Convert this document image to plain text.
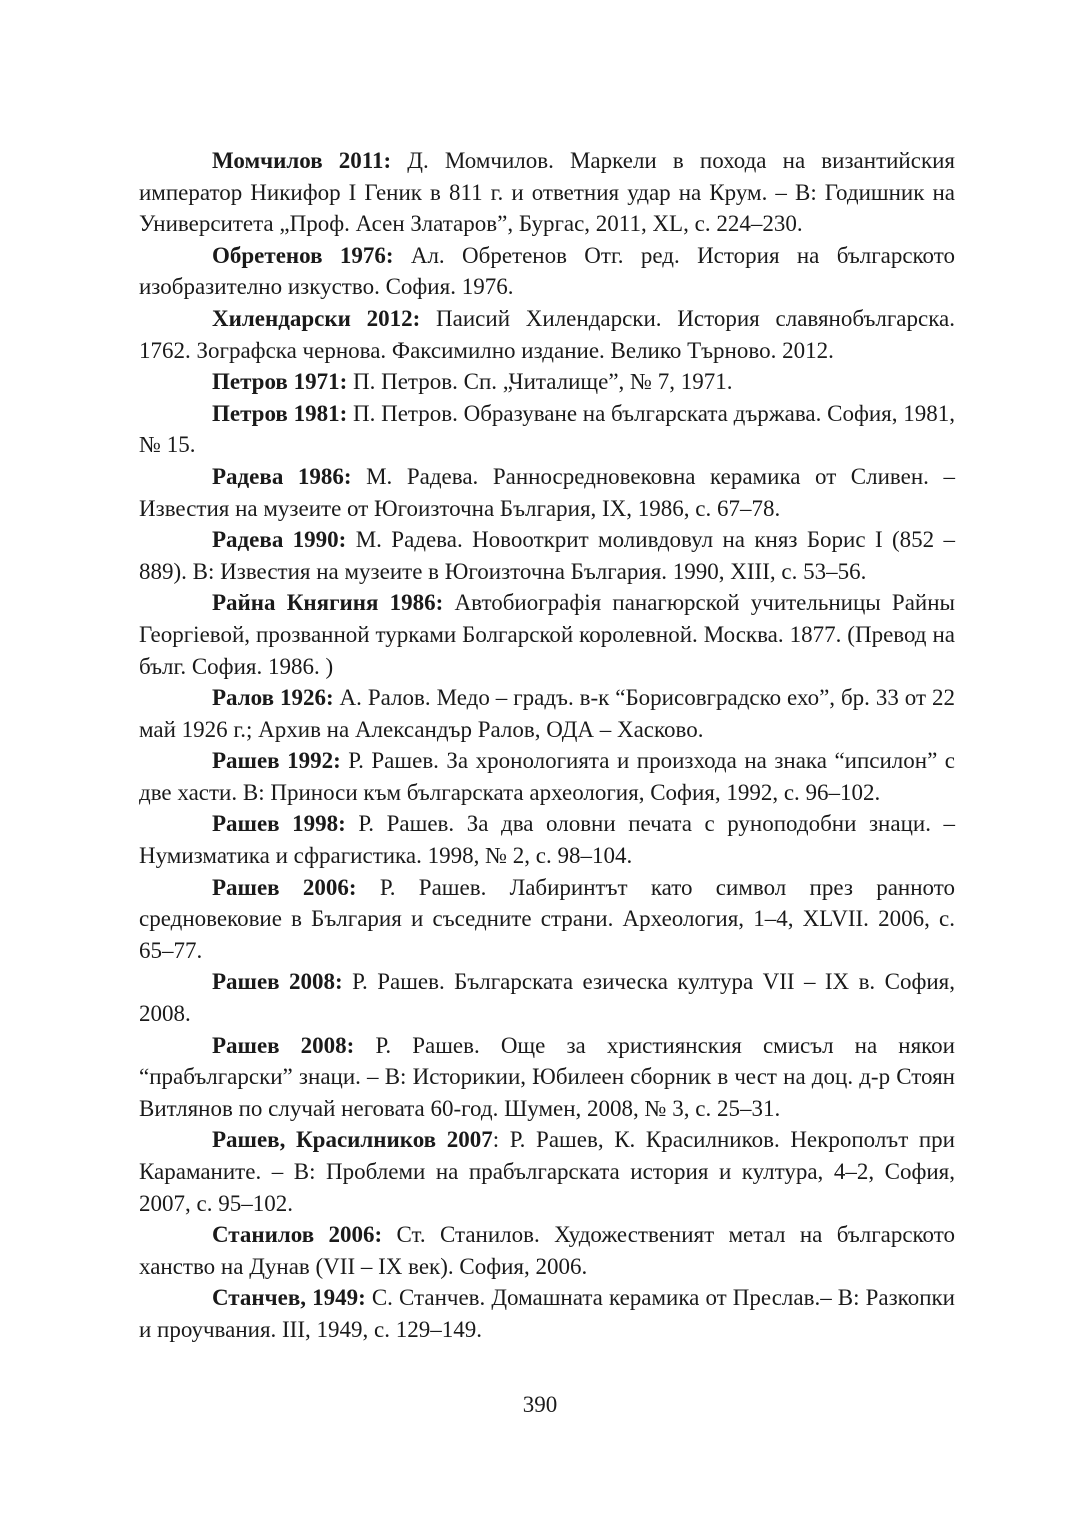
Момчилов 2011: Д. Момчилов. Маркели в похода на византийския император Никифор I Геник в 811 г. и ответния удар на Крум. – В: Годишник на Университета „Проф. Асен Златаров”, Бургас, 2011, XL, с. 224–230.

Обретенов 1976: Ал. Обретенов Отг. ред. История на българското изобразително изкуство. София. 1976.

Хилендарски 2012: Паисий Хилендарски. История славянобългарска. 1762. Зографска чернова. Факсимилно издание. Велико Търново. 2012.

Петров 1971: П. Петров. Сп. „Читалище”, № 7, 1971.

Петров 1981: П. Петров. Образуване на българската държава. София, 1981, № 15.

Радева 1986: М. Радева. Ранносредновековна керамика от Сливен. – Известия на музеите от Югоизточна България, IX, 1986, с. 67–78.

Радева 1990: М. Радева. Новооткрит моливдовул на княз Борис I (852 – 889). В: Известия на музеите в Югоизточна България. 1990, XIII, с. 53–56.

Райна Княгиня 1986: Автобиографія панагюрской учительницы Райны Георгіевой, прозванной турками Болгарской королевной. Москва. 1877. (Превод на бълг. София. 1986. )

Ралов 1926: А. Ралов. Медо – градъ. в-к “Борисовградско ехо”, бр. 33 от 22 май 1926 г.; Архив на Александър Ралов, ОДА – Хасково.

Рашев 1992: Р. Рашев. За хронологията и произхода на знака “ипсилон” с две хасти. В: Приноси към българската археология, София, 1992, с. 96–102.

Рашев 1998: Р. Рашев. За два оловни печата с руноподобни знаци. – Нумизматика и сфрагистика. 1998, № 2, с. 98–104.

Рашев 2006: Р. Рашев. Лабиринтът като символ през ранното средновековие в България и съседните страни. Археология, 1–4, XLVII. 2006, с. 65–77.

Рашев 2008: Р. Рашев. Българската езическа култура VII – IX в. София, 2008.

Рашев 2008: Р. Рашев. Още за християнския смисъл на някои “прабългарски” знаци. – В: Историкии, Юбилеен сборник в чест на доц. д-р Стоян Витлянов по случай неговата 60-год. Шумен, 2008, № 3, с. 25–31.

Рашев, Красилников 2007: Р. Рашев, К. Красилников. Некрополът при Караманите. – В: Проблеми на прабългарската история и култура, 4–2, София, 2007, с. 95–102.

Станилов 2006: Ст. Станилов. Художественият метал на българското ханство на Дунав (VII – IX век). София, 2006.

Станчев, 1949: С. Станчев. Домашната керамика от Преслав.– В: Разкопки и проучвания. III, 1949, с. 129–149.

390
